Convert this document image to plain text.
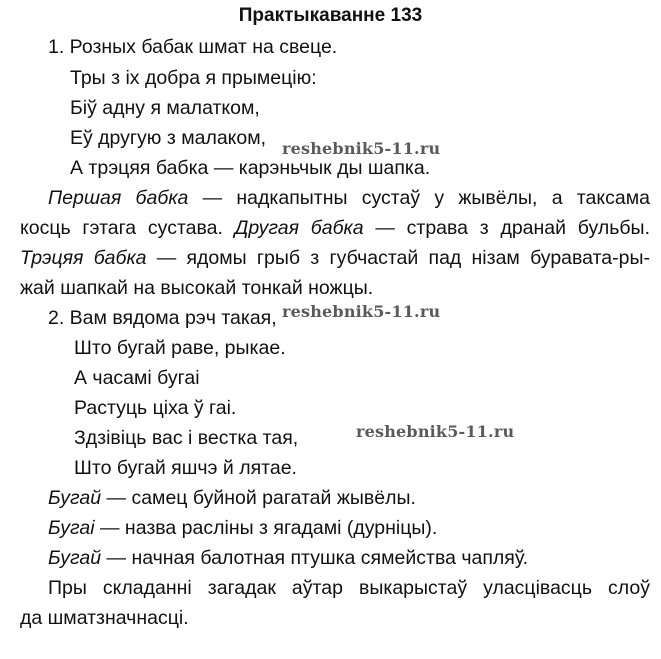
Практыкаванне 133
1. Розных бабак шмат на свеце.
Тры з іх добра я прымецію:
Біў адну я малатком,
Еў другую з малаком,
А трэцяя бабка — карэньчык ды шапка.
Першая бабка — надкапытны сустаў у жывёлы, а таксама
косць гэтага сустава. Другая бабка — страва з дранай бульбы.
Трэцяя бабка — ядомы грыб з губчастай пад нізам буравата-ры-
жай шапкай на высокай тонкай ножцы.
2. Вам вядома рэч такая,
Што бугай раве, рыкае.
А часамі бугаі
Растуць ціха ў гаі.
Здзівіць вас і вестка тая,
Што бугай яшчэ й лятае.
Бугай — самец буйной рагатай жывёлы.
Бугаі — назва расліны з ягадамі (дурніцы).
Бугай — начная балотная птушка сямейства чапляў.
Пры складанні загадак аўтар выкарыстаў уласцівасць слоў
да шматзначнасці.
reshebnik5-11.ru
reshebnik5-11.ru
reshebnik5-11.ru
